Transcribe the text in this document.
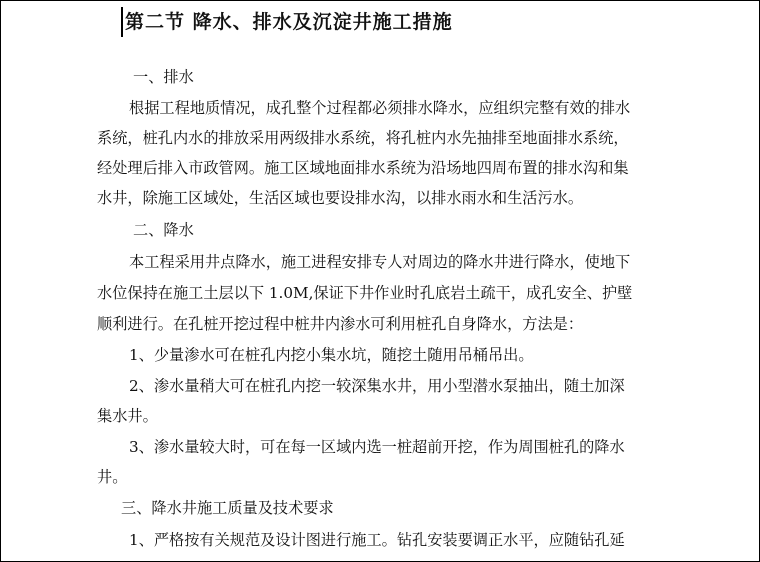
第二节 降水、排水及沉淀井施工措施
一、排水
根据工程地质情况，成孔整个过程都必须排水降水，应组织完整有效的排水
系统，桩孔内水的排放采用两级排水系统，将孔桩内水先抽排至地面排水系统，
经处理后排入市政管网。施工区域地面排水系统为沿场地四周布置的排水沟和集
水井，除施工区域处，生活区域也要设排水沟，以排水雨水和生活污水。
二、降水
本工程采用井点降水，施工进程安排专人对周边的降水井进行降水，使地下
水位保持在施工土层以下 1.0M,保证下井作业时孔底岩土疏干，成孔安全、护壁
顺利进行。在孔桩开挖过程中桩井内渗水可利用桩孔自身降水，方法是：
1、少量渗水可在桩孔内挖小集水坑，随挖土随用吊桶吊出。
2、渗水量稍大可在桩孔内挖一较深集水井，用小型潜水泵抽出，随土加深
集水井。
3、渗水量较大时，可在每一区域内选一桩超前开挖，作为周围桩孔的降水
井。
三、降水井施工质量及技术要求
1、严格按有关规范及设计图进行施工。钻孔安装要调正水平，应随钻孔延
